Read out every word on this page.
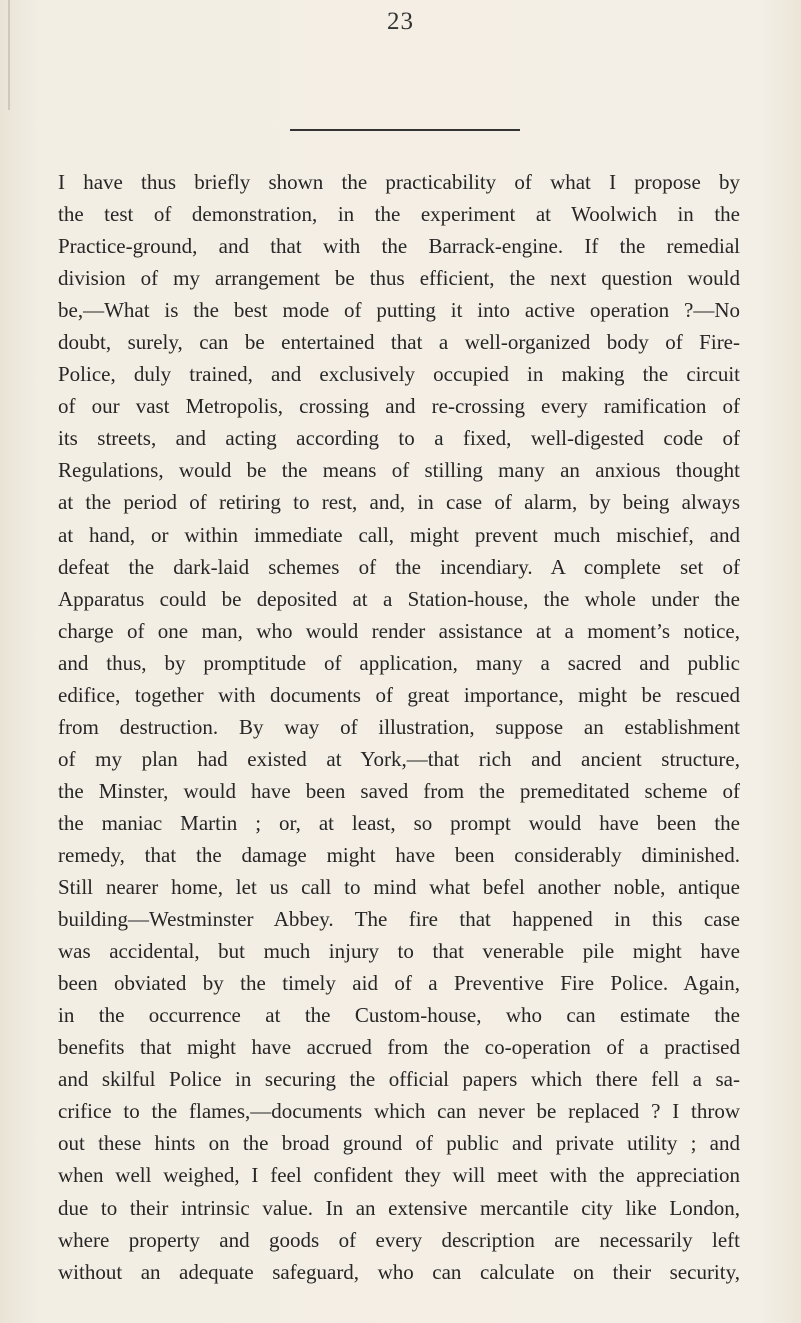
23
I have thus briefly shown the practicability of what I propose by
the test of demonstration, in the experiment at Woolwich in the
Practice-ground, and that with the Barrack-engine. If the remedial
division of my arrangement be thus efficient, the next question would
be,—What is the best mode of putting it into active operation ?—No
doubt, surely, can be entertained that a well-organized body of Fire-
Police, duly trained, and exclusively occupied in making the circuit
of our vast Metropolis, crossing and re-crossing every ramification of
its streets, and acting according to a fixed, well-digested code of
Regulations, would be the means of stilling many an anxious thought
at the period of retiring to rest, and, in case of alarm, by being always
at hand, or within immediate call, might prevent much mischief, and
defeat the dark-laid schemes of the incendiary. A complete set of
Apparatus could be deposited at a Station-house, the whole under the
charge of one man, who would render assistance at a moment’s notice,
and thus, by promptitude of application, many a sacred and public
edifice, together with documents of great importance, might be rescued
from destruction. By way of illustration, suppose an establishment
of my plan had existed at York,—that rich and ancient structure,
the Minster, would have been saved from the premeditated scheme of
the maniac Martin ; or, at least, so prompt would have been the
remedy, that the damage might have been considerably diminished.
Still nearer home, let us call to mind what befel another noble, antique
building—Westminster Abbey. The fire that happened in this case
was accidental, but much injury to that venerable pile might have
been obviated by the timely aid of a Preventive Fire Police. Again,
in the occurrence at the Custom-house, who can estimate the
benefits that might have accrued from the co-operation of a practised
and skilful Police in securing the official papers which there fell a sa-
crifice to the flames,—documents which can never be replaced ? I throw
out these hints on the broad ground of public and private utility ; and
when well weighed, I feel confident they will meet with the appreciation
due to their intrinsic value. In an extensive mercantile city like London,
where property and goods of every description are necessarily left
without an adequate safeguard, who can calculate on their security,
